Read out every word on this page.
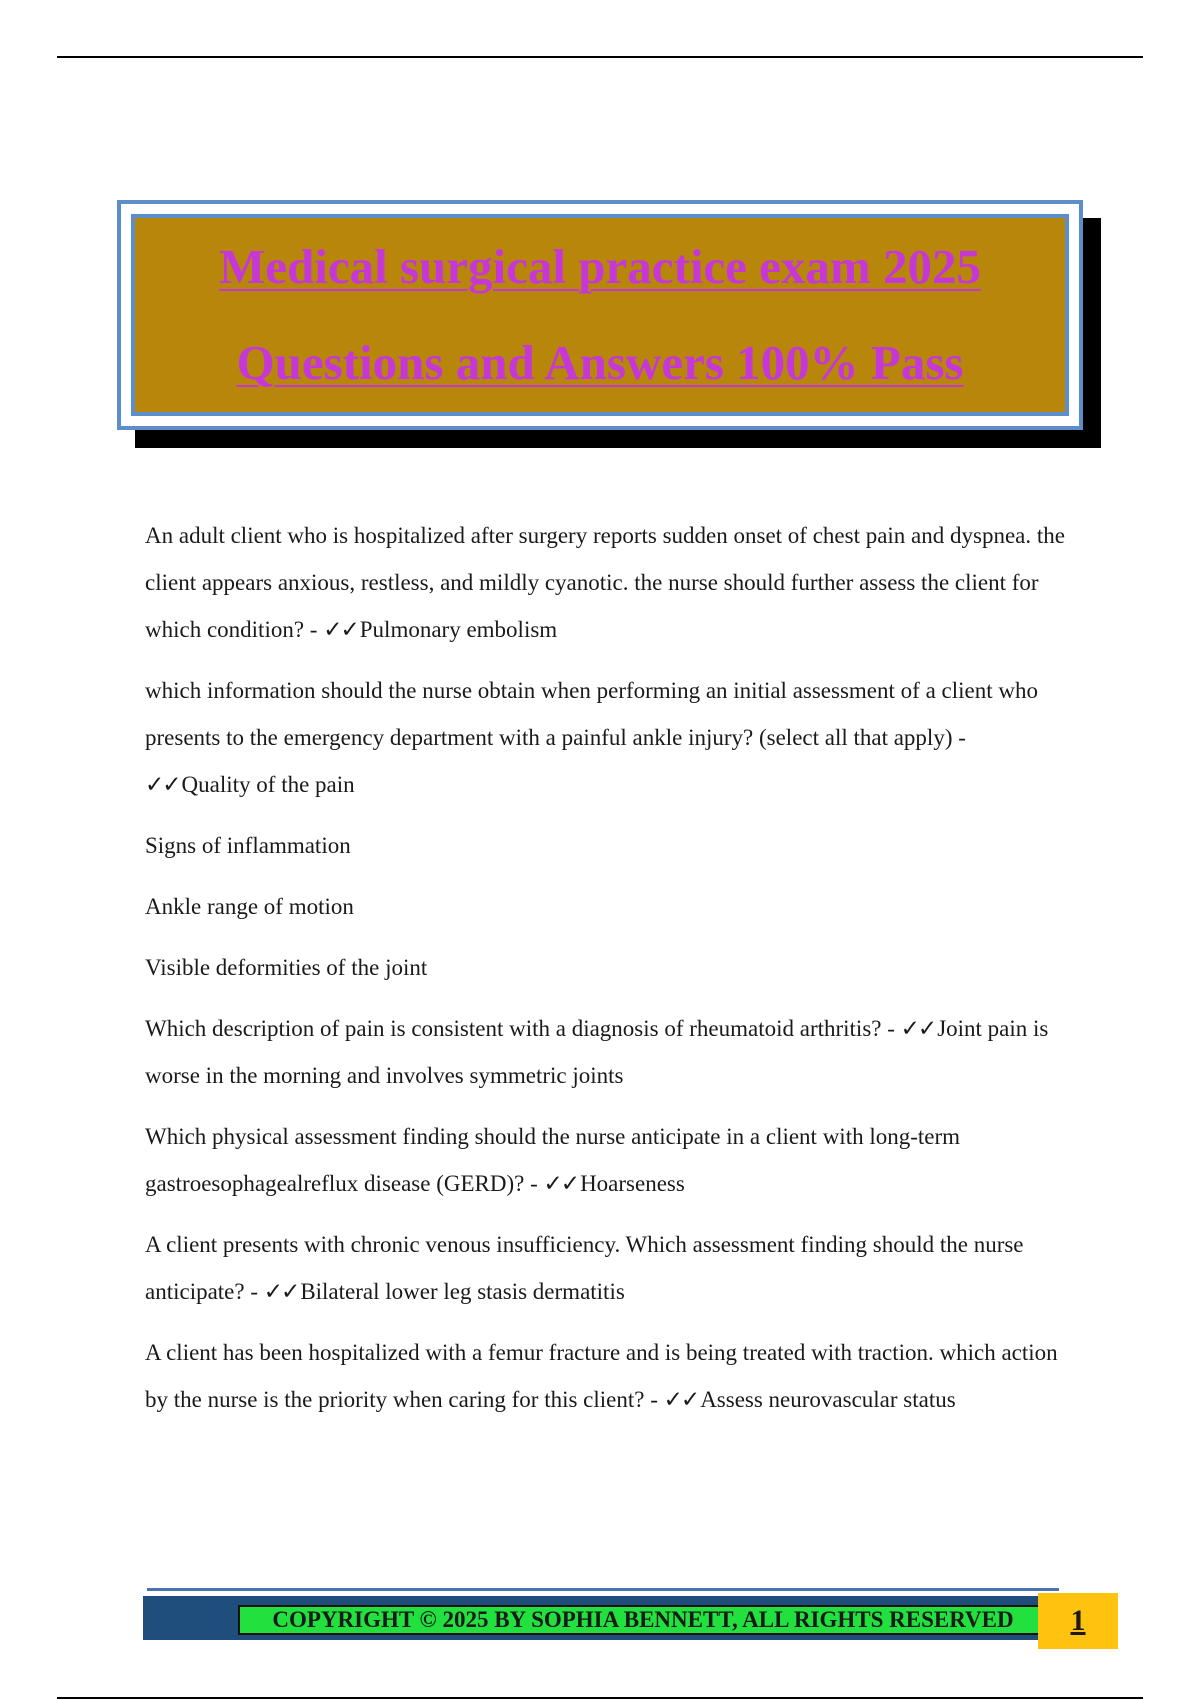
Medical surgical practice exam 2025
Questions and Answers 100% Pass

An adult client who is hospitalized after surgery reports sudden onset of chest pain and dyspnea. the client appears anxious, restless, and mildly cyanotic. the nurse should further assess the client for which condition? - ✓✓Pulmonary embolism

which information should the nurse obtain when performing an initial assessment of a client who presents to the emergency department with a painful ankle injury? (select all that apply) - ✓✓Quality of the pain

Signs of inflammation

Ankle range of motion

Visible deformities of the joint

Which description of pain is consistent with a diagnosis of rheumatoid arthritis? - ✓✓Joint pain is worse in the morning and involves symmetric joints

Which physical assessment finding should the nurse anticipate in a client with long-term gastroesophagealreflux disease (GERD)? - ✓✓Hoarseness

A client presents with chronic venous insufficiency. Which assessment finding should the nurse anticipate? - ✓✓Bilateral lower leg stasis dermatitis

A client has been hospitalized with a femur fracture and is being treated with traction. which action by the nurse is the priority when caring for this client? - ✓✓Assess neurovascular status

COPYRIGHT © 2025 BY SOPHIA BENNETT, ALL RIGHTS RESERVED 1
